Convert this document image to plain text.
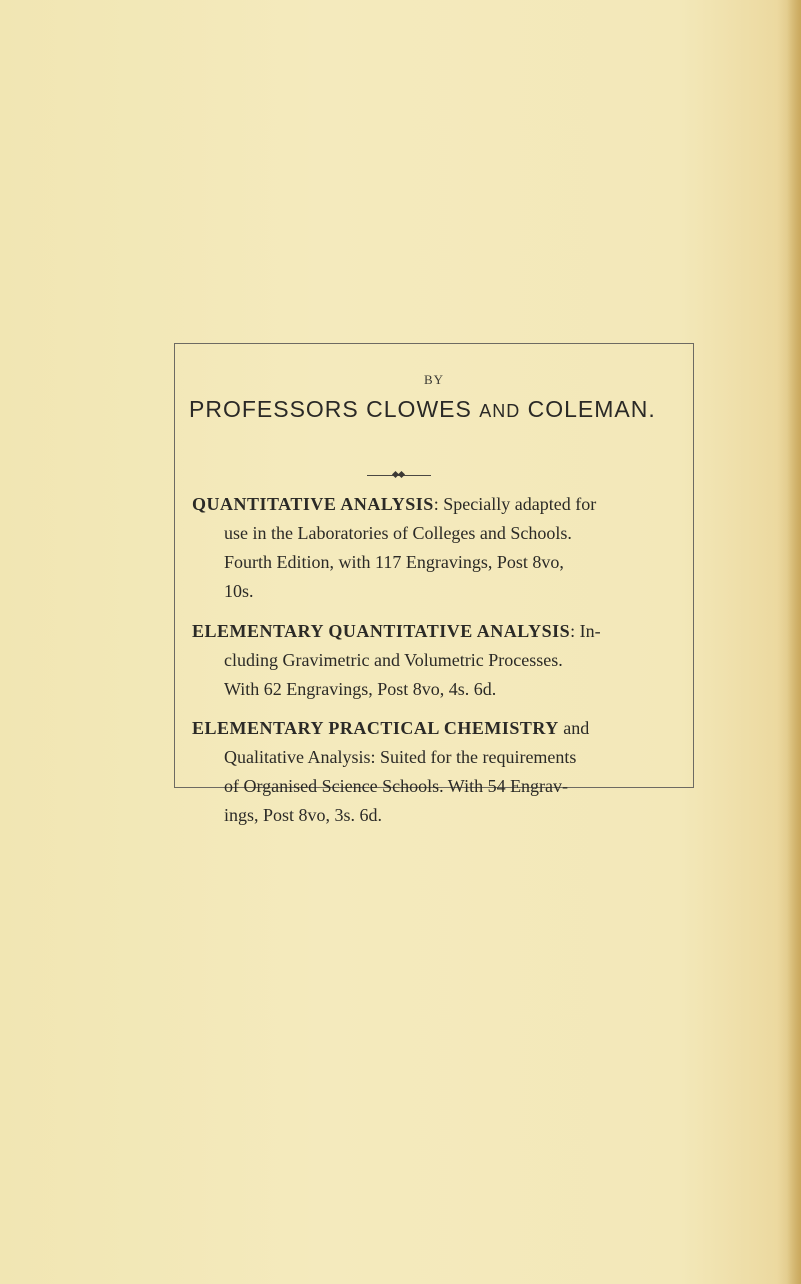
BY
PROFESSORS CLOWES AND COLEMAN.
QUANTITATIVE ANALYSIS: Specially adapted for
use in the Laboratories of Colleges and Schools.
Fourth Edition, with 117 Engravings, Post 8vo,
10s.
ELEMENTARY QUANTITATIVE ANALYSIS: In-
cluding Gravimetric and Volumetric Processes.
With 62 Engravings, Post 8vo, 4s. 6d.
ELEMENTARY PRACTICAL CHEMISTRY and
Qualitative Analysis: Suited for the requirements
of Organised Science Schools. With 54 Engrav-
ings, Post 8vo, 3s. 6d.
